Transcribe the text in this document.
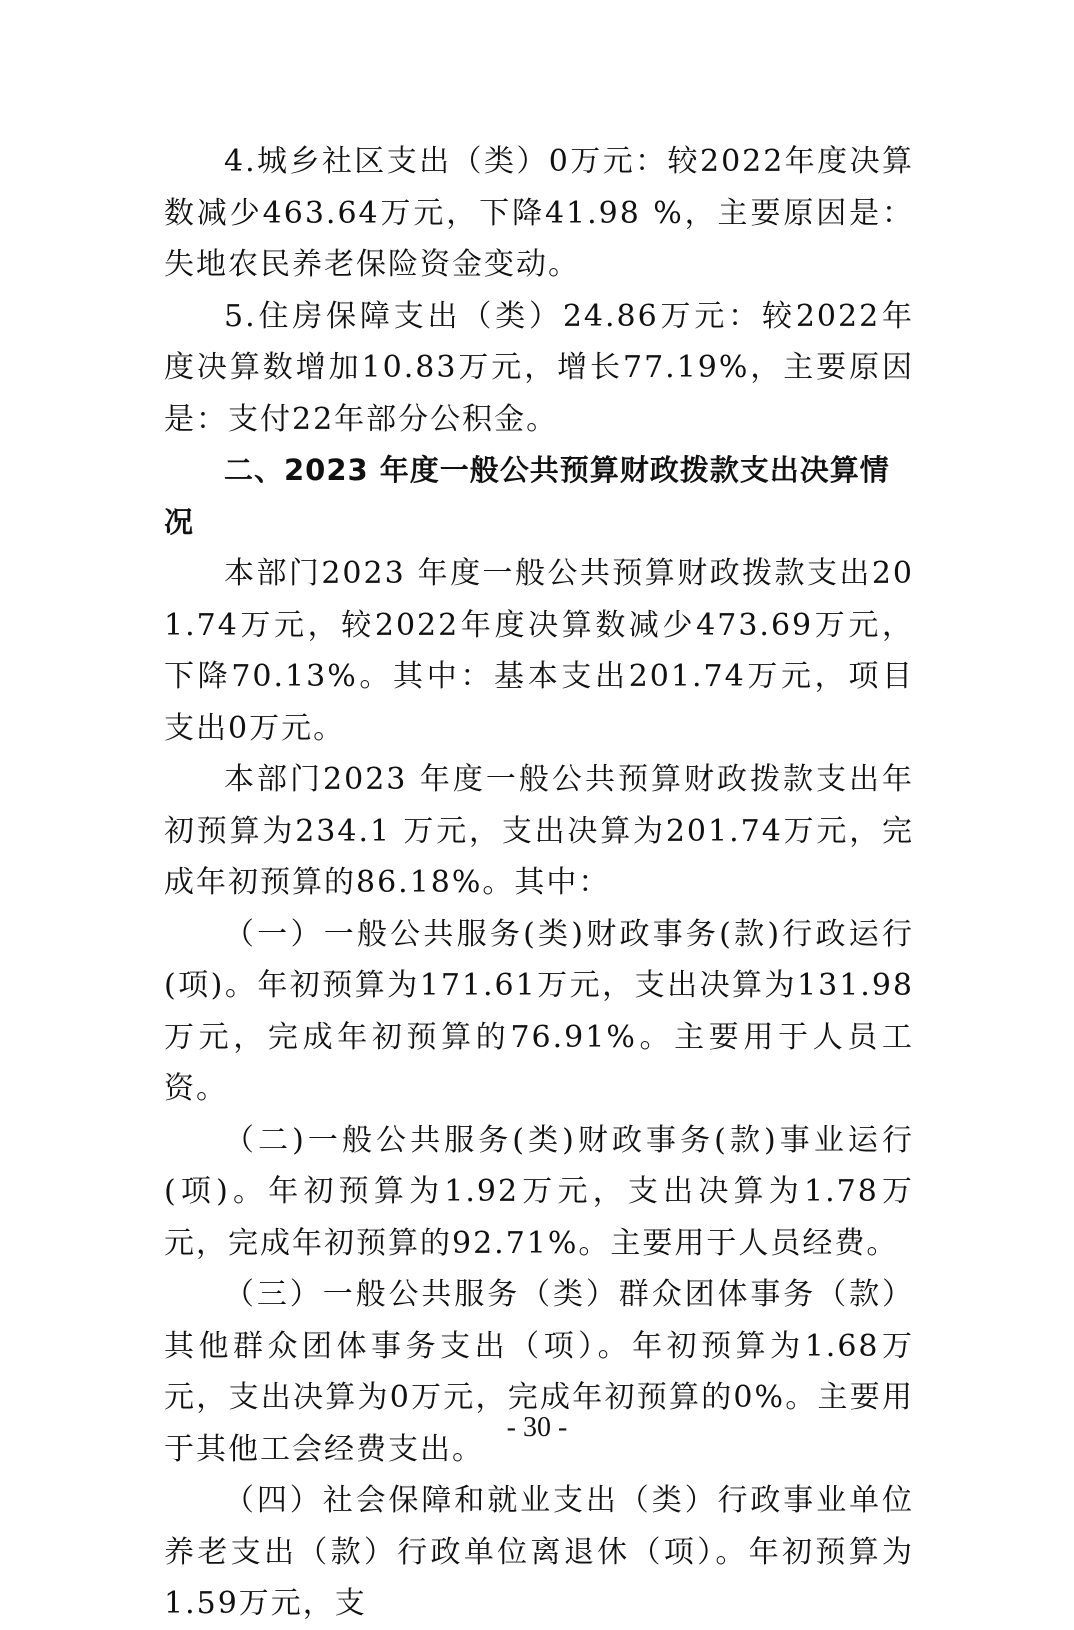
4.城乡社区支出（类）0万元：较2022年度决算数减少463.64万元，下降41.98 %，主要原因是：失地农民养老保险资金变动。

5.住房保障支出（类）24.86万元：较2022年度决算数增加10.83万元，增长77.19%，主要原因是：支付22年部分公积金。

二、2023 年度一般公共预算财政拨款支出决算情况

本部门2023 年度一般公共预算财政拨款支出201.74万元，较2022年度决算数减少473.69万元，下降70.13%。其中：基本支出201.74万元，项目支出0万元。

本部门2023 年度一般公共预算财政拨款支出年初预算为234.1 万元，支出决算为201.74万元，完成年初预算的86.18%。其中：

（一）一般公共服务(类)财政事务(款)行政运行(项)。年初预算为171.61万元，支出决算为131.98万元，完成年初预算的76.91%。主要用于人员工资。

（二)一般公共服务(类)财政事务(款)事业运行(项)。年初预算为1.92万元，支出决算为1.78万元，完成年初预算的92.71%。主要用于人员经费。

（三）一般公共服务（类）群众团体事务（款）其他群众团体事务支出（项）。年初预算为1.68万元，支出决算为0万元，完成年初预算的0%。主要用于其他工会经费支出。

（四）社会保障和就业支出（类）行政事业单位养老支出（款）行政单位离退休（项）。年初预算为1.59万元，支

- 30 -
